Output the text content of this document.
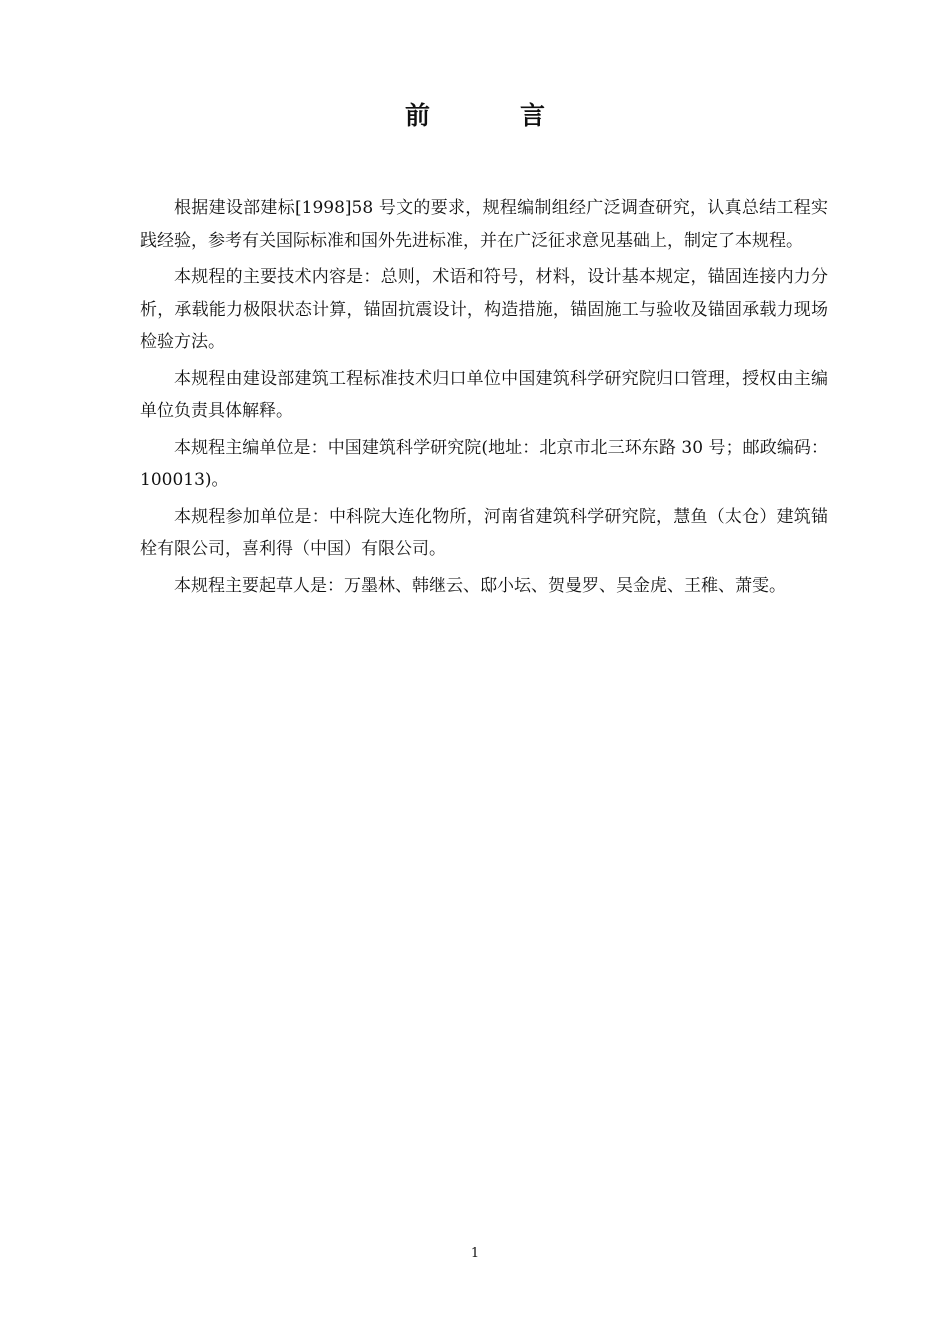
前	言

根据建设部建标[1998]58 号文的要求，规程编制组经广泛调查研究，认真总结工程实践经验，参考有关国际标准和国外先进标准，并在广泛征求意见基础上，制定了本规程。

本规程的主要技术内容是：总则，术语和符号，材料，设计基本规定，锚固连接内力分析，承载能力极限状态计算，锚固抗震设计，构造措施，锚固施工与验收及锚固承载力现场检验方法。

本规程由建设部建筑工程标准技术归口单位中国建筑科学研究院归口管理，授权由主编单位负责具体解释。

本规程主编单位是：中国建筑科学研究院(地址：北京市北三环东路 30 号；邮政编码：100013)。

本规程参加单位是：中科院大连化物所，河南省建筑科学研究院，慧鱼（太仓）建筑锚栓有限公司，喜利得（中国）有限公司。

本规程主要起草人是：万墨林、韩继云、邸小坛、贺曼罗、吴金虎、王稚、萧雯。

1
